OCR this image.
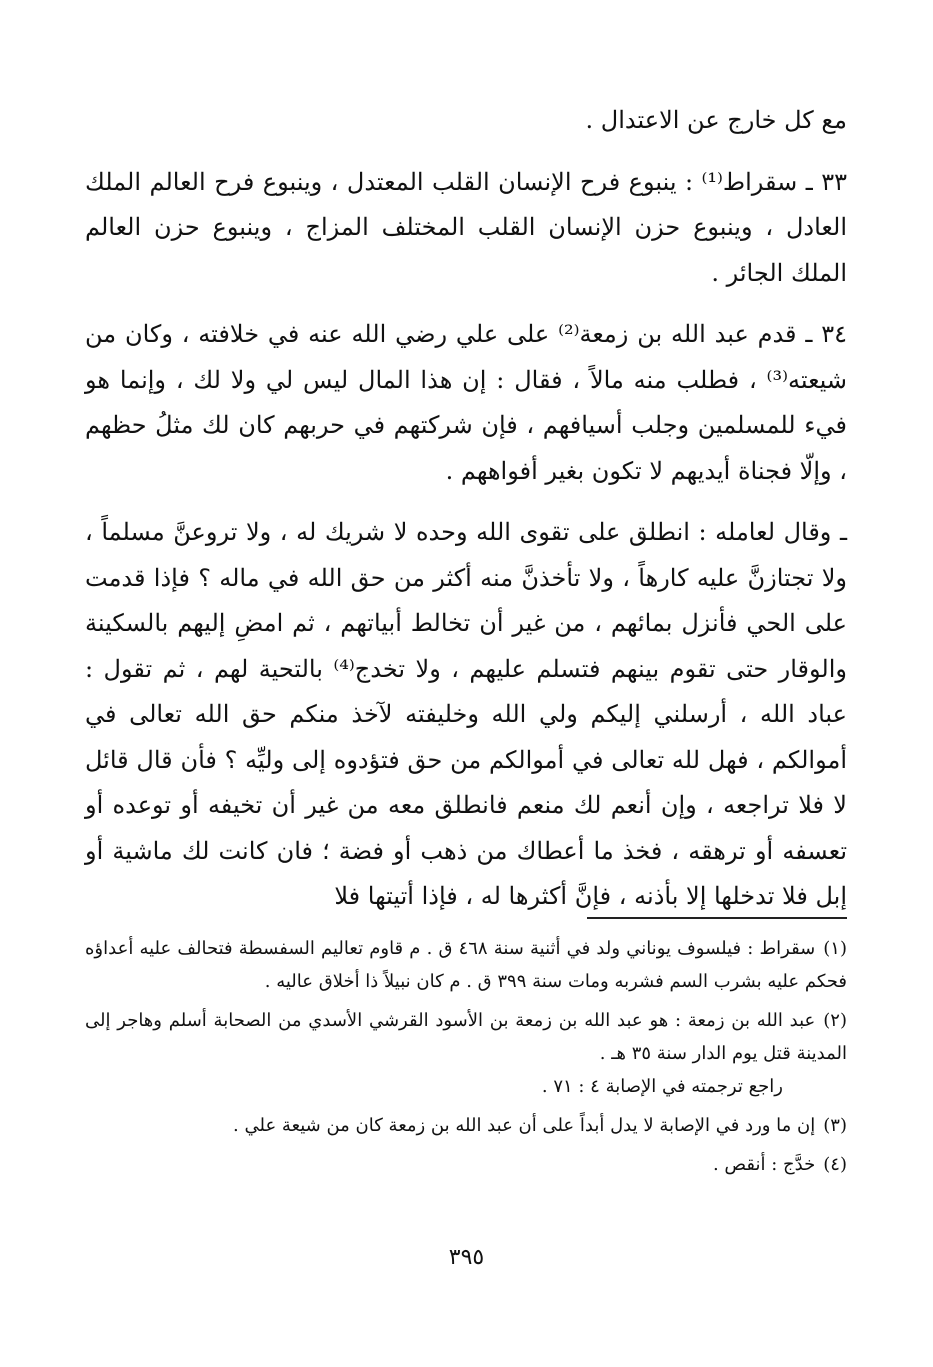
مع كل خارج عن الاعتدال .

٣٣ ـ سقراط⁽¹⁾ : ينبوع فرح الإنسان القلب المعتدل ، وينبوع فرح العالم الملك العادل ، وينبوع حزن الإنسان القلب المختلف المزاج ، وينبوع حزن العالم الملك الجائر .

٣٤ ـ قدم عبد الله بن زمعة⁽²⁾ على علي رضي الله عنه في خلافته ، وكان من شيعته⁽³⁾ ، فطلب منه مالاً ، فقال : إن هذا المال ليس لي ولا لك ، وإنما هو فيء للمسلمين وجلب أسيافهم ، فإن شركتهم في حربهم كان لك مثلُ حظهم ، وإلّا فجناة أيديهم لا تكون بغير أفواههم .

ـ وقال لعامله : انطلق على تقوى الله وحده لا شريك له ، ولا تروعنَّ مسلماً ، ولا تجتازنَّ عليه كارهاً ، ولا تأخذنَّ منه أكثر من حق الله في ماله ؟ فإذا قدمت على الحي فأنزل بمائهم ، من غير أن تخالط أبياتهم ، ثم امضِ إليهم بالسكينة والوقار حتى تقوم بينهم فتسلم عليهم ، ولا تخدج⁽⁴⁾ بالتحية لهم ، ثم تقول : عباد الله ، أرسلني إليكم ولي الله وخليفته لآخذ منكم حق الله تعالى في أموالكم ، فهل لله تعالى في أموالكم من حق فتؤدوه إلى وليِّه ؟ فأن قال قائل لا فلا تراجعه ، وإن أنعم لك منعم فانطلق معه من غير أن تخيفه أو توعده أو تعسفه أو ترهقه ، فخذ ما أعطاك من ذهب أو فضة ؛ فان كانت لك ماشية أو إبل فلا تدخلها إلا بأذنه ، فإنَّ أكثرها له ، فإذا أتيتها فلا

(١)سقراط : فيلسوف يوناني ولد في أثنية سنة ٤٦٨ ق . م قاوم تعاليم السفسطة فتحالف عليه أعداؤه فحكم عليه بشرب السم فشربه ومات سنة ٣٩٩ ق . م كان نبيلاً ذا أخلاق عاليه .

(٢)عبد الله بن زمعة : هو عبد الله بن زمعة بن الأسود القرشي الأسدي من الصحابة أسلم وهاجر إلى المدينة قتل يوم الدار سنة ٣٥ هـ .
راجع ترجمته في الإصابة ٤ : ٧١ .

(٣)إن ما ورد في الإصابة لا يدل أبداً على أن عبد الله بن زمعة كان من شيعة علي .

(٤)خدَّج : أنقص .

٣٩٥
